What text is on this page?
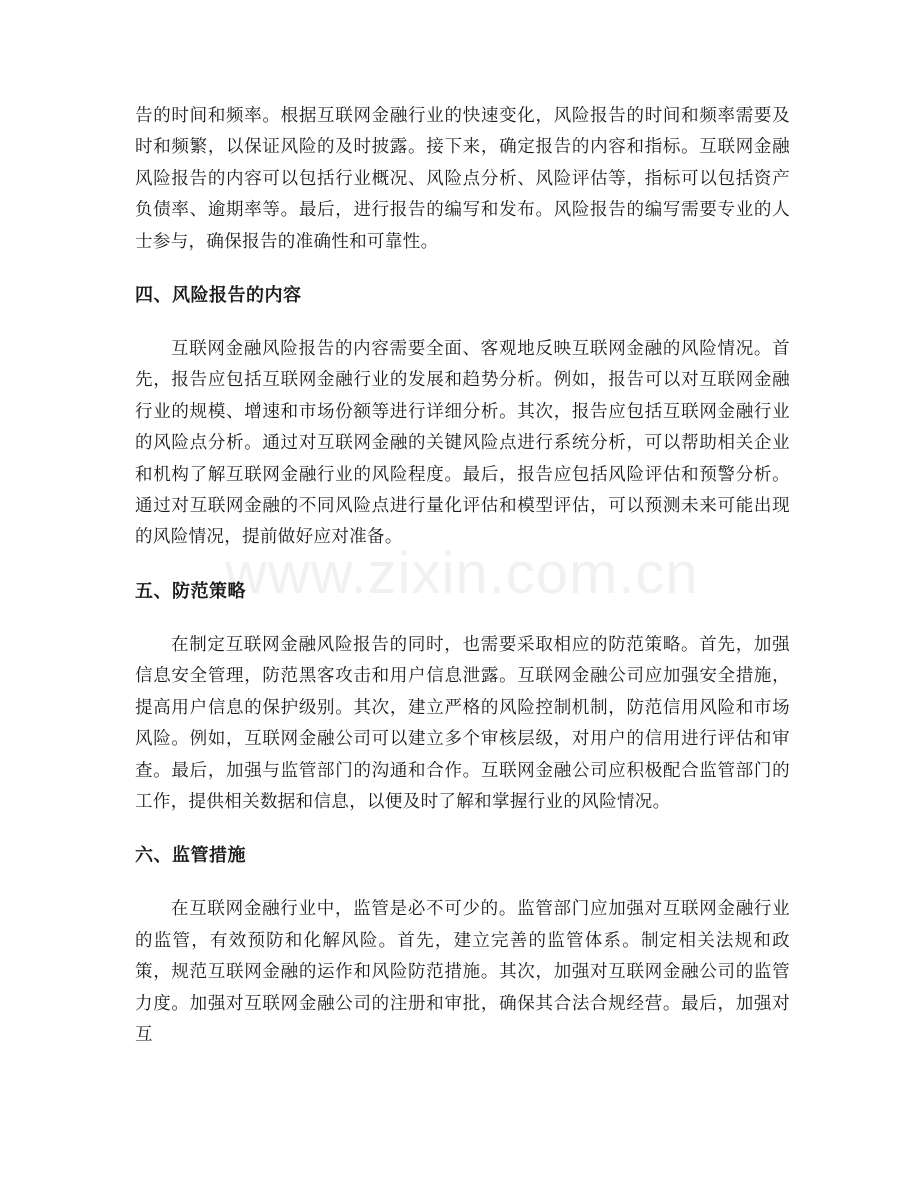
www.zixin.com.cn

告的时间和频率。根据互联网金融行业的快速变化，风险报告的时间和频率需要及时和频繁，以保证风险的及时披露。接下来，确定报告的内容和指标。互联网金融风险报告的内容可以包括行业概况、风险点分析、风险评估等，指标可以包括资产负债率、逾期率等。最后，进行报告的编写和发布。风险报告的编写需要专业的人士参与，确保报告的准确性和可靠性。

四、风险报告的内容

互联网金融风险报告的内容需要全面、客观地反映互联网金融的风险情况。首先，报告应包括互联网金融行业的发展和趋势分析。例如，报告可以对互联网金融行业的规模、增速和市场份额等进行详细分析。其次，报告应包括互联网金融行业的风险点分析。通过对互联网金融的关键风险点进行系统分析，可以帮助相关企业和机构了解互联网金融行业的风险程度。最后，报告应包括风险评估和预警分析。通过对互联网金融的不同风险点进行量化评估和模型评估，可以预测未来可能出现的风险情况，提前做好应对准备。

五、防范策略

在制定互联网金融风险报告的同时，也需要采取相应的防范策略。首先，加强信息安全管理，防范黑客攻击和用户信息泄露。互联网金融公司应加强安全措施，提高用户信息的保护级别。其次，建立严格的风险控制机制，防范信用风险和市场风险。例如，互联网金融公司可以建立多个审核层级，对用户的信用进行评估和审查。最后，加强与监管部门的沟通和合作。互联网金融公司应积极配合监管部门的工作，提供相关数据和信息，以便及时了解和掌握行业的风险情况。

六、监管措施

在互联网金融行业中，监管是必不可少的。监管部门应加强对互联网金融行业的监管，有效预防和化解风险。首先，建立完善的监管体系。制定相关法规和政策，规范互联网金融的运作和风险防范措施。其次，加强对互联网金融公司的监管力度。加强对互联网金融公司的注册和审批，确保其合法合规经营。最后，加强对互
